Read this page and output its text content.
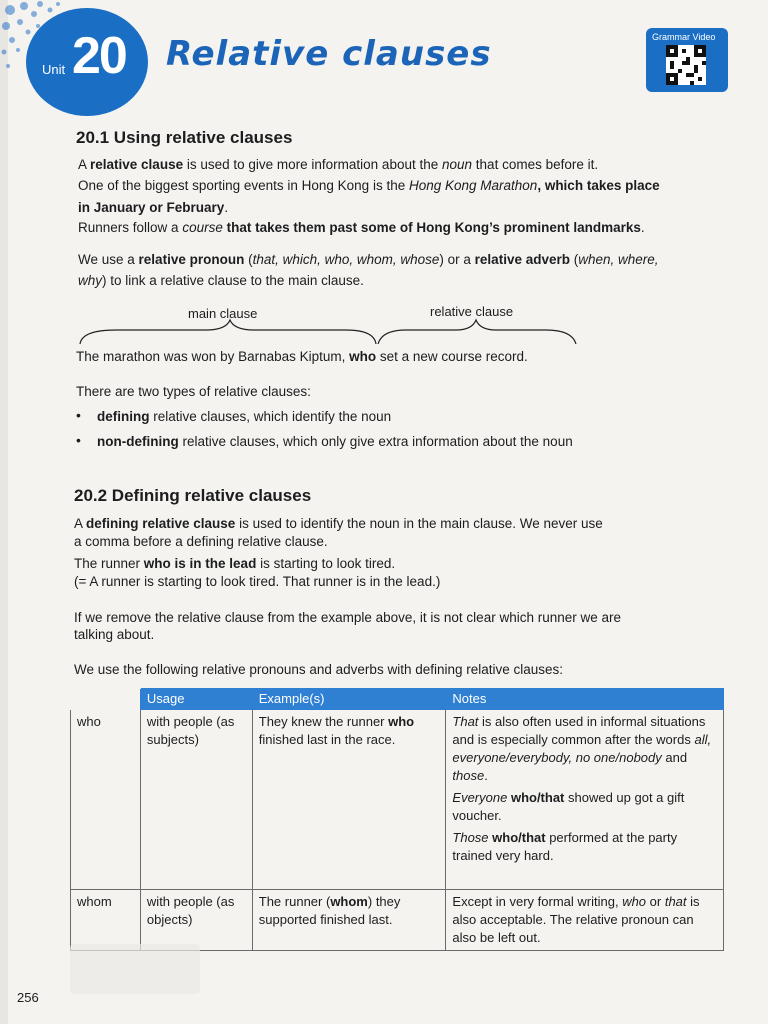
Unit 20 Relative clauses	Grammar Video
20.1 Using relative clauses

A relative clause is used to give more information about the noun that comes before it.

One of the biggest sporting events in Hong Kong is the Hong Kong Marathon, which takes place

in January or February.

Runners follow a course that takes them past some of Hong Kong’s prominent landmarks.

We use a relative pronoun (that, which, who, whom, whose) or a relative adverb (when, where,

why) to link a relative clause to the main clause.

main clause	relative clause

The marathon was won by Barnabas Kiptum, who set a new course record.

There are two types of relative clauses:

• defining relative clauses, which identify the noun

• non-defining relative clauses, which only give extra information about the noun

20.2 Defining relative clauses

A defining relative clause is used to identify the noun in the main clause. We never use

a comma before a defining relative clause.

The runner who is in the lead is starting to look tired.

(= A runner is starting to look tired. That runner is in the lead.)

If we remove the relative clause from the example above, it is not clear which runner we are

talking about.

We use the following relative pronouns and adverbs with defining relative clauses:

	Usage	Example(s)	Notes
who	with people (as subjects)	They knew the runner who finished last in the race.	That is also often used in informal situations and is especially common after the words all, everyone/everybody, no one/nobody and those.
Everyone who/that showed up got a gift voucher.
Those who/that performed at the party trained very hard.

whom	with people (as objects)	The runner (whom) they supported finished last.	Except in very formal writing, who or that is also acceptable. The relative pronoun can also be left out.
256
